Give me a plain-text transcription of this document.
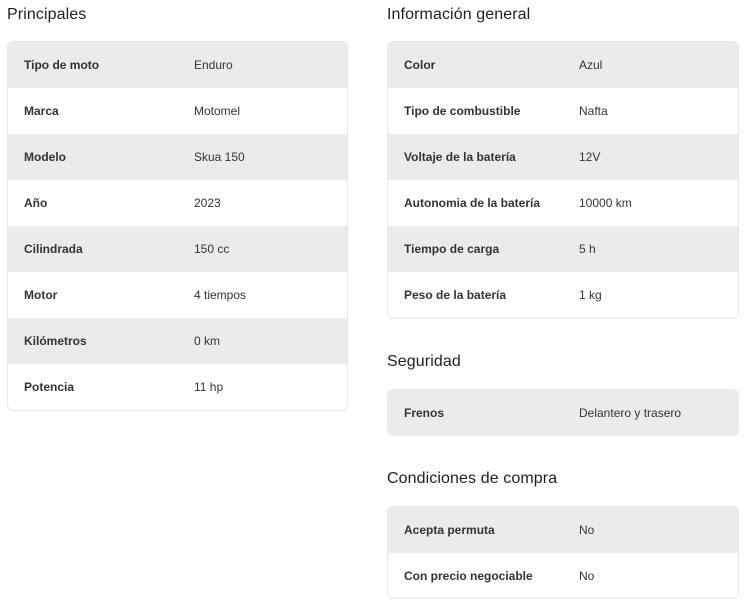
Principales
Tipo de moto	Enduro
Marca	Motomel
Modelo	Skua 150
Año	2023
Cilindrada	150 cc
Motor	4 tiempos
Kilómetros	0 km
Potencia	11 hp
Información general
Color	Azul
Tipo de combustible	Nafta
Voltaje de la batería	12V
Autonomia de la batería	10000 km
Tiempo de carga	5 h
Peso de la batería	1 kg
Seguridad
Frenos	Delantero y trasero
Condiciones de compra
Acepta permuta	No
Con precio negociable	No
